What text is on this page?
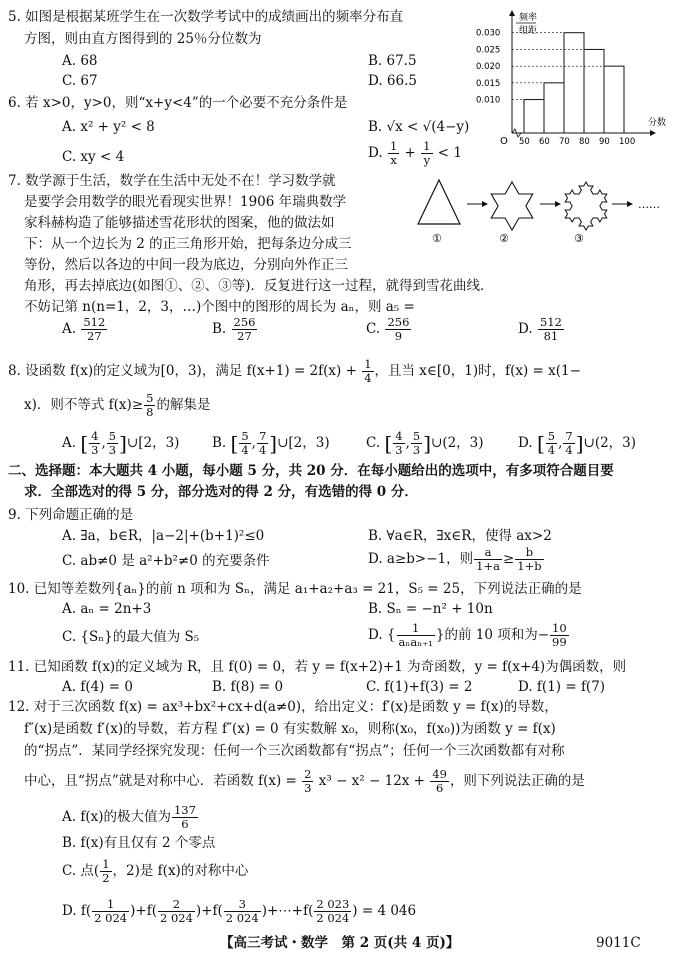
5. 如图是根据某班学生在一次数学考试中的成绩画出的频率分布直
方图，则由直方图得到的 25％分位数为
A. 68	B. 67.5
C. 67	D. 66.5
频率
组距
分数
O
0.030
0.025
0.020
0.015
0.010
50 60 70 80 90 100
6. 若 x>0，y>0，则“x+y<4”的一个必要不充分条件是
A. x² + y² < 8	B. √x < √(4−y)
C. xy < 4	D. $\frac{1}{x} + \frac{1}{y} < 1$
7. 数学源于生活，数学在生活中无处不在！学习数学就
是要学会用数学的眼光看现实世界！1906 年瑞典数学
家科赫构造了能够描述雪花形状的图案，他的做法如
下：从一个边长为 2 的正三角形开始，把每条边分成三
等份，然后以各边的中间一段为底边，分别向外作正三
角形，再去掉底边(如图①、②、③等)．反复进行这一过程，就得到雪花曲线．
不妨记第 n(n=1，2，3，…)个图中的图形的周长为 aₙ，则 a₅ =
①	②	③
……
A. $\frac{512}{27}$	B. $\frac{256}{27}$	C. $\frac{256}{9}$	D. $\frac{512}{81}$
8. 设函数 f(x)的定义域为[0，3)，满足 $f(x+1) = 2f(x) + \frac{1}{4}$ ，且当 x∈[0，1)时，f(x) = x(1−
x)．则不等式 $f(x)\ge \frac{5}{8}$ 的解集是
A. [ $\frac{4}{3}$ , $\frac{5}{3}$ ]∪[2，3) B. [ $\frac{5}{4}$ , $\frac{7}{4}$ ]∪[2，3)	C. [ $\frac{4}{3}$ , $\frac{5}{3}$ ]∪(2，3)	D. [ $\frac{5}{4}$ , $\frac{7}{4}$ ]∪(2，3)
二、选择题：本大题共 4 小题，每小题 5 分，共 20 分．在每小题给出的选项中，有多项符合题目要
求．全部选对的得 5 分，部分选对的得 2 分，有选错的得 0 分．
9. 下列命题正确的是
A. ∃a，b∈R，|a−2|+(b+1)²≤0	B. ∀a∈R，∃x∈R，使得 ax>2
C. ab≠0 是 a²+b²≠0 的充要条件	D. a≥b>−1，则 $\frac{a}{1+a} \ge \frac{b}{1+b}$
10. 已知等差数列{aₙ}的前 n 项和为 Sₙ，满足 a₁+a₂+a₃ = 21，S₅ = 25，下列说法正确的是
A. aₙ = 2n+3	B. Sₙ = −n² + 10n
C. {Sₙ}的最大值为 S₅	D. { $\frac{1}{\text{aₙaₙ₊₁}}$ }的前 10 项和为− $\frac{10}{99}$
11. 已知函数 f(x)的定义域为 R，且 f(0) = 0，若 y = f(x+2)+1 为奇函数，y = f(x+4)为偶函数，则
A. f(4) = 0	B. f(8) = 0	C. f(1)+f(3) = 2	D. f(1) = f(7)
12. 对于三次函数 f(x) = ax³+bx²+cx+d(a≠0)，给出定义：f′(x)是函数 y = f(x)的导数，
f″(x)是函数 f′(x)的导数，若方程 f″(x) = 0 有实数解 x₀，则称(x₀，f(x₀))为函数 y = f(x)
的“拐点”．某同学经探究发现：任何一个三次函数都有“拐点”；任何一个三次函数都有对称
中心，且“拐点”就是对称中心．若函数 $f(x) = \frac{2}{3} x^3 - x^2 - 12x + \frac{49}{6}$ ，则下列说法正确的是
A. f(x)的极大值为 $\frac{137}{6}$
B. f(x)有且仅有 2 个零点
C. 点( $\frac{1}{2}$ ，2)是 f(x)的对称中心
D. $f( \frac{1}{2 024} )+f( \frac{2}{2 024} )+f( \frac{3}{2 024}$ )+⋯+f( $\frac{2 023}{2 024}$ ) = 4 046
【高三考试・数学　第 2 页(共 4 页)】	9011C
